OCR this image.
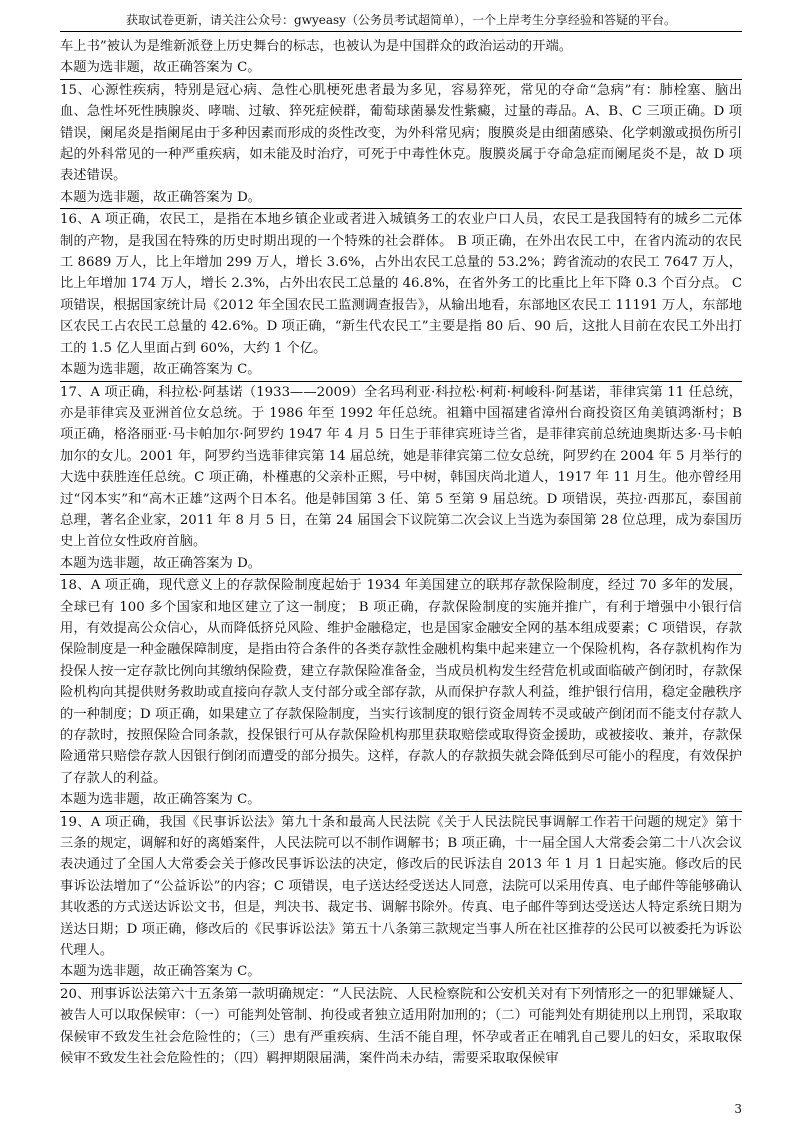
获取试卷更新，请关注公众号：gwyeasy（公务员考试超简单），一个上岸考生分享经验和答疑的平台。

车上书”被认为是维新派登上历史舞台的标志，也被认为是中国群众的政治运动的开端。

本题为选非题，故正确答案为 C。

15、心源性疾病，特别是冠心病、急性心肌梗死患者最为多见，容易猝死，常见的夺命“急病”有：肺栓塞、脑出血、急性坏死性胰腺炎、哮喘、过敏、猝死症候群，葡萄球菌暴发性紫癜，过量的毒品。A、B、C 三项正确。D 项错误，阑尾炎是指阑尾由于多种因素而形成的炎性改变，为外科常见病；腹膜炎是由细菌感染、化学刺激或损伤所引起的外科常见的一种严重疾病，如未能及时治疗，可死于中毒性休克。腹膜炎属于夺命急症而阑尾炎不是，故 D 项表述错误。

本题为选非题，故正确答案为 D。

16、A 项正确，农民工，是指在本地乡镇企业或者进入城镇务工的农业户口人员，农民工是我国特有的城乡二元体制的产物，是我国在特殊的历史时期出现的一个特殊的社会群体。 B 项正确，在外出农民工中，在省内流动的农民工 8689 万人，比上年增加 299 万人，增长 3.6%，占外出农民工总量的 53.2%；跨省流动的农民工 7647 万人，比上年增加 174 万人，增长 2.3%，占外出农民工总量的 46.8%，在省外务工的比重比上年下降 0.3 个百分点。 C 项错误，根据国家统计局《2012 年全国农民工监测调查报告》，从输出地看，东部地区农民工 11191 万人，东部地区农民工占农民工总量的 42.6%。D 项正确，“新生代农民工”主要是指 80 后、90 后，这批人目前在农民工外出打工的 1.5 亿人里面占到 60%，大约 1 个亿。

本题为选非题，故正确答案为 C。

17、A 项正确，科拉松·阿基诺（1933——2009）全名玛利亚·科拉松·柯莉·柯峻科·阿基诺，菲律宾第 11 任总统，亦是菲律宾及亚洲首位女总统。于 1986 年至 1992 年任总统。祖籍中国福建省漳州台商投资区角美镇鸿渐村；B 项正确，格洛丽亚·马卡帕加尔·阿罗约 1947 年 4 月 5 日生于菲律宾班诗兰省，是菲律宾前总统迪奥斯达多·马卡帕加尔的女儿。2001 年，阿罗约当选菲律宾第 14 届总统，她是菲律宾第二位女总统，阿罗约在 2004 年 5 月举行的大选中获胜连任总统。C 项正确，朴槿惠的父亲朴正熙，号中树，韩国庆尚北道人，1917 年 11 月生。他亦曾经用过“冈本实”和“高木正雄”这两个日本名。他是韩国第 3 任、第 5 至第 9 届总统。D 项错误，英拉·西那瓦，泰国前总理，著名企业家，2011 年 8 月 5 日，在第 24 届国会下议院第二次会议上当选为泰国第 28 位总理，成为泰国历史上首位女性政府首脑。

本题为选非题，故正确答案为 D。

18、A 项正确，现代意义上的存款保险制度起始于 1934 年美国建立的联邦存款保险制度，经过 70 多年的发展，全球已有 100 多个国家和地区建立了这一制度； B 项正确，存款保险制度的实施并推广，有利于增强中小银行信用，有效提高公众信心，从而降低挤兑风险、维护金融稳定，也是国家金融安全网的基本组成要素；C 项错误，存款保险制度是一种金融保障制度，是指由符合条件的各类存款性金融机构集中起来建立一个保险机构，各存款机构作为投保人按一定存款比例向其缴纳保险费，建立存款保险准备金，当成员机构发生经营危机或面临破产倒闭时，存款保险机构向其提供财务救助或直接向存款人支付部分或全部存款，从而保护存款人利益，维护银行信用，稳定金融秩序的一种制度；D 项正确，如果建立了存款保险制度，当实行该制度的银行资金周转不灵或破产倒闭而不能支付存款人的存款时，按照保险合同条款，投保银行可从存款保险机构那里获取赔偿或取得资金援助，或被接收、兼并，存款保险通常只赔偿存款人因银行倒闭而遭受的部分损失。这样，存款人的存款损失就会降低到尽可能小的程度，有效保护了存款人的利益。

本题为选非题，故正确答案为 C。

19、A 项正确，我国《民事诉讼法》第九十条和最高人民法院《关于人民法院民事调解工作若干问题的规定》第十三条的规定，调解和好的离婚案件，人民法院可以不制作调解书；B 项正确，十一届全国人大常委会第二十八次会议表决通过了全国人大常委会关于修改民事诉讼法的决定，修改后的民诉法自 2013 年 1 月 1 日起实施。修改后的民事诉讼法增加了“公益诉讼”的内容；C 项错误，电子送达经受送达人同意，法院可以采用传真、电子邮件等能够确认其收悉的方式送达诉讼文书，但是，判决书、裁定书、调解书除外。传真、电子邮件等到达受送达人特定系统日期为送达日期；D 项正确，修改后的《民事诉讼法》第五十八条第三款规定当事人所在社区推荐的公民可以被委托为诉讼代理人。

本题为选非题，故正确答案为 C。

20、刑事诉讼法第六十五条第一款明确规定：“人民法院、人民检察院和公安机关对有下列情形之一的犯罪嫌疑人、被告人可以取保候审：（一）可能判处管制、拘役或者独立适用附加刑的；（二）可能判处有期徒刑以上刑罚，采取取保候审不致发生社会危险性的；（三）患有严重疾病、生活不能自理，怀孕或者正在哺乳自己婴儿的妇女，采取取保候审不致发生社会危险性的；（四）羁押期限届满，案件尚未办结，需要采取取保候审

3
